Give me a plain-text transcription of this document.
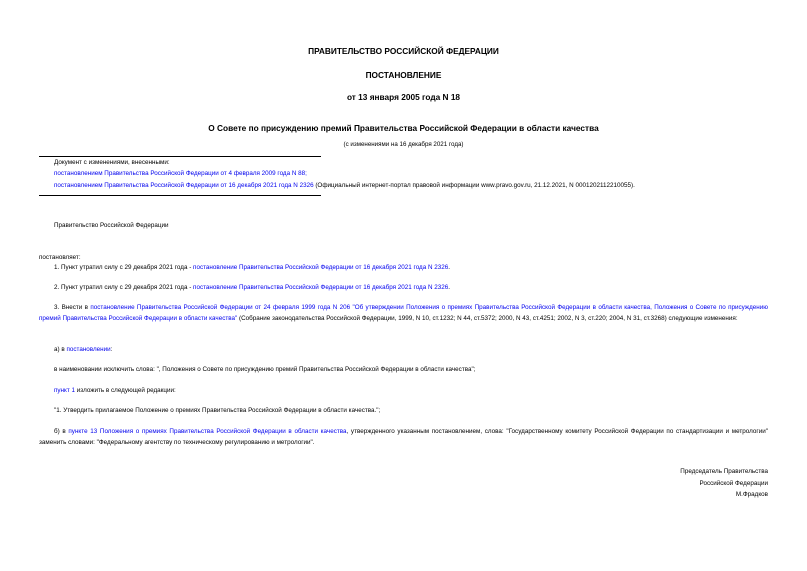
ПРАВИТЕЛЬСТВО РОССИЙСКОЙ ФЕДЕРАЦИИ
ПОСТАНОВЛЕНИЕ
от 13 января 2005 года N 18
О Совете по присуждению премий Правительства Российской Федерации в области качества
(с изменениями на 16 декабря 2021 года)
Документ с изменениями, внесенными:
постановлением Правительства Российской Федерации от 4 февраля 2009 года N 88;
постановлением Правительства Российской Федерации от 16 декабря 2021 года N 2326 (Официальный интернет-портал правовой информации www.pravo.gov.ru, 21.12.2021, N 0001202112210055).
Правительство Российской Федерации
постановляет:
1. Пункт утратил силу с 29 декабря 2021 года - постановление Правительства Российской Федерации от 16 декабря 2021 года N 2326.
2. Пункт утратил силу с 29 декабря 2021 года - постановление Правительства Российской Федерации от 16 декабря 2021 года N 2326.
3. Внести в постановление Правительства Российской Федерации от 24 февраля 1999 года N 206 "Об утверждении Положения о премиях Правительства Российской Федерации в области качества, Положения о Совете по присуждению премий Правительства Российской Федерации в области качества" (Собрание законодательства Российской Федерации, 1999, N 10, ст.1232; N 44, ст.5372; 2000, N 43, ст.4251; 2002, N 3, ст.220; 2004, N 31, ст.3268) следующие изменения:
а) в постановлении:
в наименовании исключить слова: ", Положения о Совете по присуждению премий Правительства Российской Федерации в области качества";
пункт 1 изложить в следующей редакции:
"1. Утвердить прилагаемое Положение о премиях Правительства Российской Федерации в области качества.";
б) в пункте 13 Положения о премиях Правительства Российской Федерации в области качества, утвержденного указанным постановлением, слова: "Государственному комитету Российской Федерации по стандартизации и метрологии" заменить словами: "Федеральному агентству по техническому регулированию и метрологии".
Председатель Правительства
Российской Федерации
М.Фрадков
